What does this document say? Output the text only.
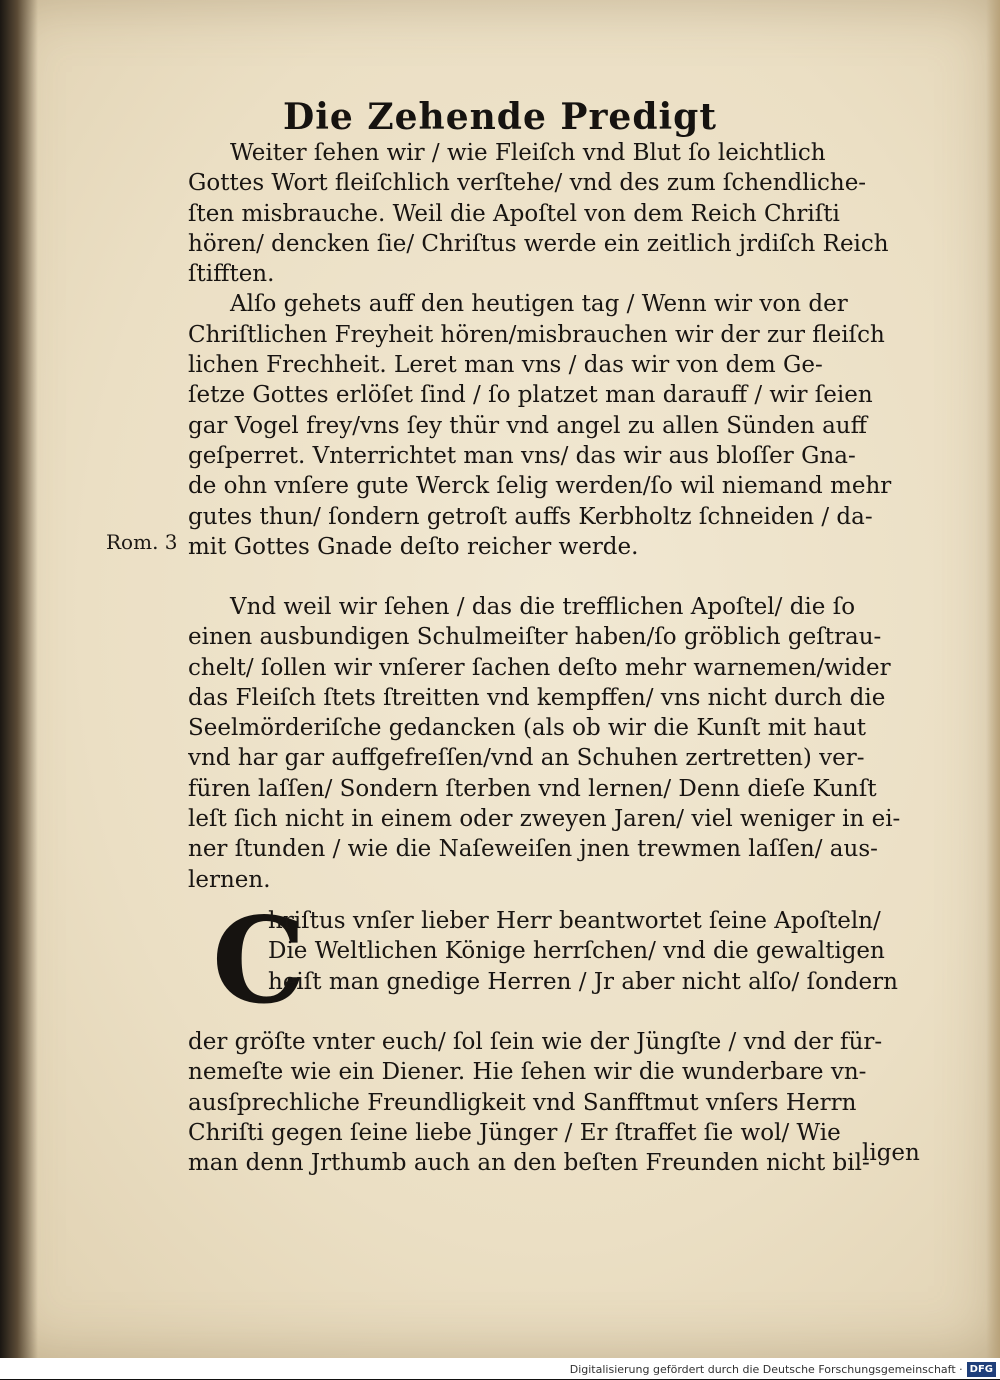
Die Zehende Predigt
Weiter ſehen wir / wie Fleiſch vnd Blut ſo leichtlich
Gottes Wort fleiſchlich verſtehe/ vnd des zum ſchendliche-
ſten misbrauche. Weil die Apoſtel von dem Reich Chriſti
hören/ dencken ſie/ Chriſtus werde ein zeitlich jrdiſch Reich
ſtifften.
Alſo gehets auff den heutigen tag / Wenn wir von der
Chriſtlichen Freyheit hören/misbrauchen wir der zur fleiſch
lichen Frechheit. Leret man vns / das wir von dem Ge-
ſetze Gottes erlöſet ſind / ſo platzet man darauff / wir ſeien
gar Vogel frey/vns ſey thür vnd angel zu allen Sünden auff
geſperret. Vnterrichtet man vns/ das wir aus bloſſer Gna-
de ohn vnſere gute Werck ſelig werden/ſo wil niemand mehr
gutes thun/ ſondern getroſt auffs Kerbholtz ſchneiden / da-
mit Gottes Gnade deſto reicher werde.
Rom. 3
Vnd weil wir ſehen / das die trefflichen Apoſtel/ die ſo
einen ausbundigen Schulmeiſter haben/ſo gröblich geſtrau-
chelt/ ſollen wir vnſerer ſachen deſto mehr warnemen/wider
das Fleiſch ſtets ſtreitten vnd kempffen/ vns nicht durch die
Seelmörderiſche gedancken (als ob wir die Kunſt mit haut
vnd har gar auffgefreſſen/vnd an Schuhen zertretten) ver-
füren laſſen/ Sondern ſterben vnd lernen/ Denn dieſe Kunſt
leſt ſich nicht in einem oder zweyen Jaren/ viel weniger in ei-
ner ſtunden / wie die Naſeweiſen jnen trewmen laſſen/ aus-
lernen.
C
hriſtus vnſer lieber Herr beantwortet ſeine Apoſteln/
Die Weltlichen Könige herrſchen/ vnd die gewaltigen
heiſt man gnedige Herren / Jr aber nicht alſo/ ſondern
der gröſte vnter euch/ ſol ſein wie der Jüngſte / vnd der für-
nemeſte wie ein Diener. Hie ſehen wir die wunderbare vn-
ausſprechliche Freundligkeit vnd Sanfftmut vnſers Herrn
Chriſti gegen ſeine liebe Jünger / Er ſtraffet ſie wol/ Wie
man denn Jrthumb auch an den beſten Freunden nicht bil-
ligen
Digitalisierung gefördert durch die Deutsche Forschungsgemeinschaft · DFG
